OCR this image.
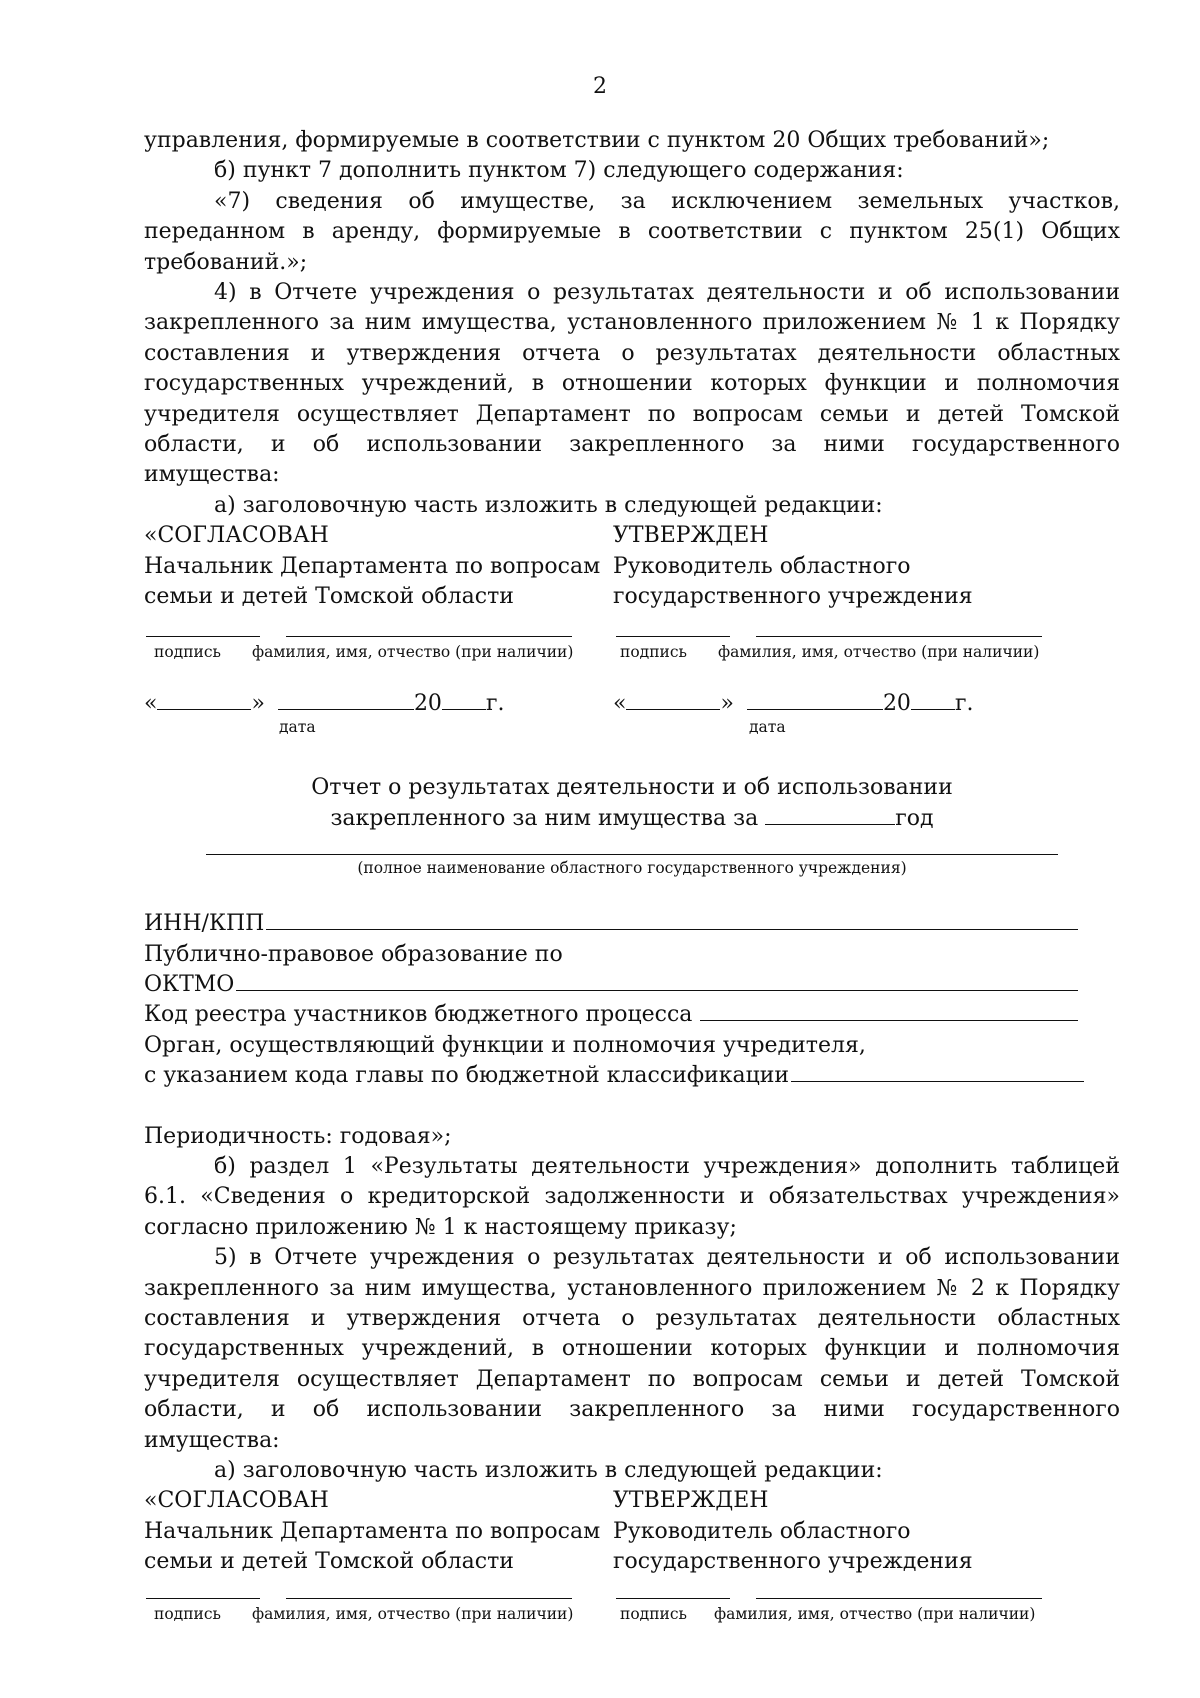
2

управления, формируемые в соответствии с пунктом 20 Общих требований»;

б) пункт 7 дополнить пунктом 7) следующего содержания:

«7) сведения об имуществе, за исключением земельных участков, переданном в аренду, формируемые в соответствии с пунктом 25(1) Общих требований.»;

4) в Отчете учреждения о результатах деятельности и об использовании закрепленного за ним имущества, установленного приложением № 1 к Порядку составления и утверждения отчета о результатах деятельности областных государственных учреждений, в отношении которых функции и полномочия учредителя осуществляет Департамент по вопросам семьи и детей Томской области, и об использовании закрепленного за ними государственного имущества:

а) заголовочную часть изложить в следующей редакции:

«СОГЛАСОВАН
Начальник Департамента по вопросам
семьи и детей Томской области
УТВЕРЖДЕН
Руководитель областного
государственного учреждения
подпись фамилия, имя, отчество (при наличии)	подпись фамилия, имя, отчество (при наличии)
«	»	20 г.	«	»	20 г.
дата	дата
Отчет о результатах деятельности и об использовании
закрепленного за ним имущества за	год
(полное наименование областного государственного учреждения)
ИНН/КПП
Публично-правовое образование по
ОКТМО
Код реестра участников бюджетного процесса
Орган, осуществляющий функции и полномочия учредителя,
с указанием кода главы по бюджетной классификации
Периодичность: годовая»;

б) раздел 1 «Результаты деятельности учреждения» дополнить таблицей 6.1. «Сведения о кредиторской задолженности и обязательствах учреждения» согласно приложению № 1 к настоящему приказу;

5) в Отчете учреждения о результатах деятельности и об использовании закрепленного за ним имущества, установленного приложением № 2 к Порядку составления и утверждения отчета о результатах деятельности областных государственных учреждений, в отношении которых функции и полномочия учредителя осуществляет Департамент по вопросам семьи и детей Томской области, и об использовании закрепленного за ними государственного имущества:

а) заголовочную часть изложить в следующей редакции:

«СОГЛАСОВАН
Начальник Департамента по вопросам
семьи и детей Томской области
УТВЕРЖДЕН
Руководитель областного
государственного учреждения
подпись фамилия, имя, отчество (при наличии)	подпись фамилия, имя, отчество (при наличии)
